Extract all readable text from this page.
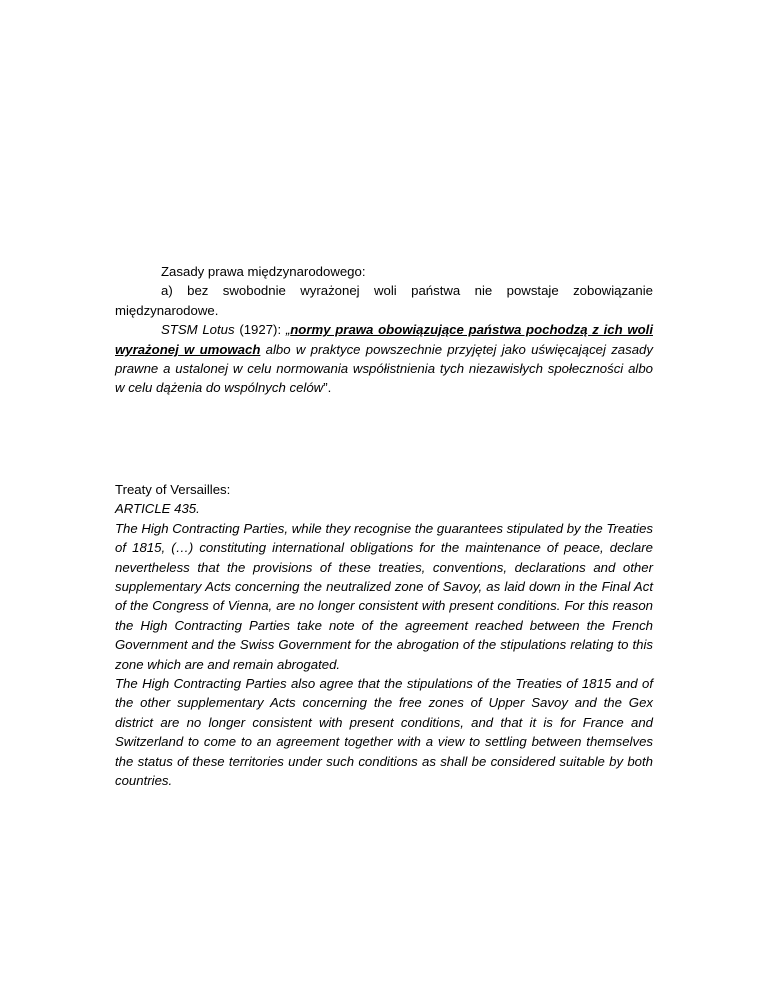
Zasady prawa międzynarodowego:

a) bez swobodnie wyrażonej woli państwa nie powstaje zobowiązanie międzynarodowe.

STSM Lotus (1927): „normy prawa obowiązujące państwa pochodzą z ich woli wyrażonej w umowach albo w praktyce powszechnie przyjętej jako uświęcającej zasady prawne a ustalonej w celu normowania współistnienia tych niezawisłych społeczności albo w celu dążenia do wspólnych celów”.

Treaty of Versailles:

ARTICLE 435.

The High Contracting Parties, while they recognise the guarantees stipulated by the Treaties of 1815, (…) constituting international obligations for the maintenance of peace, declare nevertheless that the provisions of these treaties, conventions, declarations and other supplementary Acts concerning the neutralized zone of Savoy, as laid down in the Final Act of the Congress of Vienna, are no longer consistent with present conditions. For this reason the High Contracting Parties take note of the agreement reached between the French Government and the Swiss Government for the abrogation of the stipulations relating to this zone which are and remain abrogated.

The High Contracting Parties also agree that the stipulations of the Treaties of 1815 and of the other supplementary Acts concerning the free zones of Upper Savoy and the Gex district are no longer consistent with present conditions, and that it is for France and Switzerland to come to an agreement together with a view to settling between themselves the status of these territories under such conditions as shall be considered suitable by both countries.
